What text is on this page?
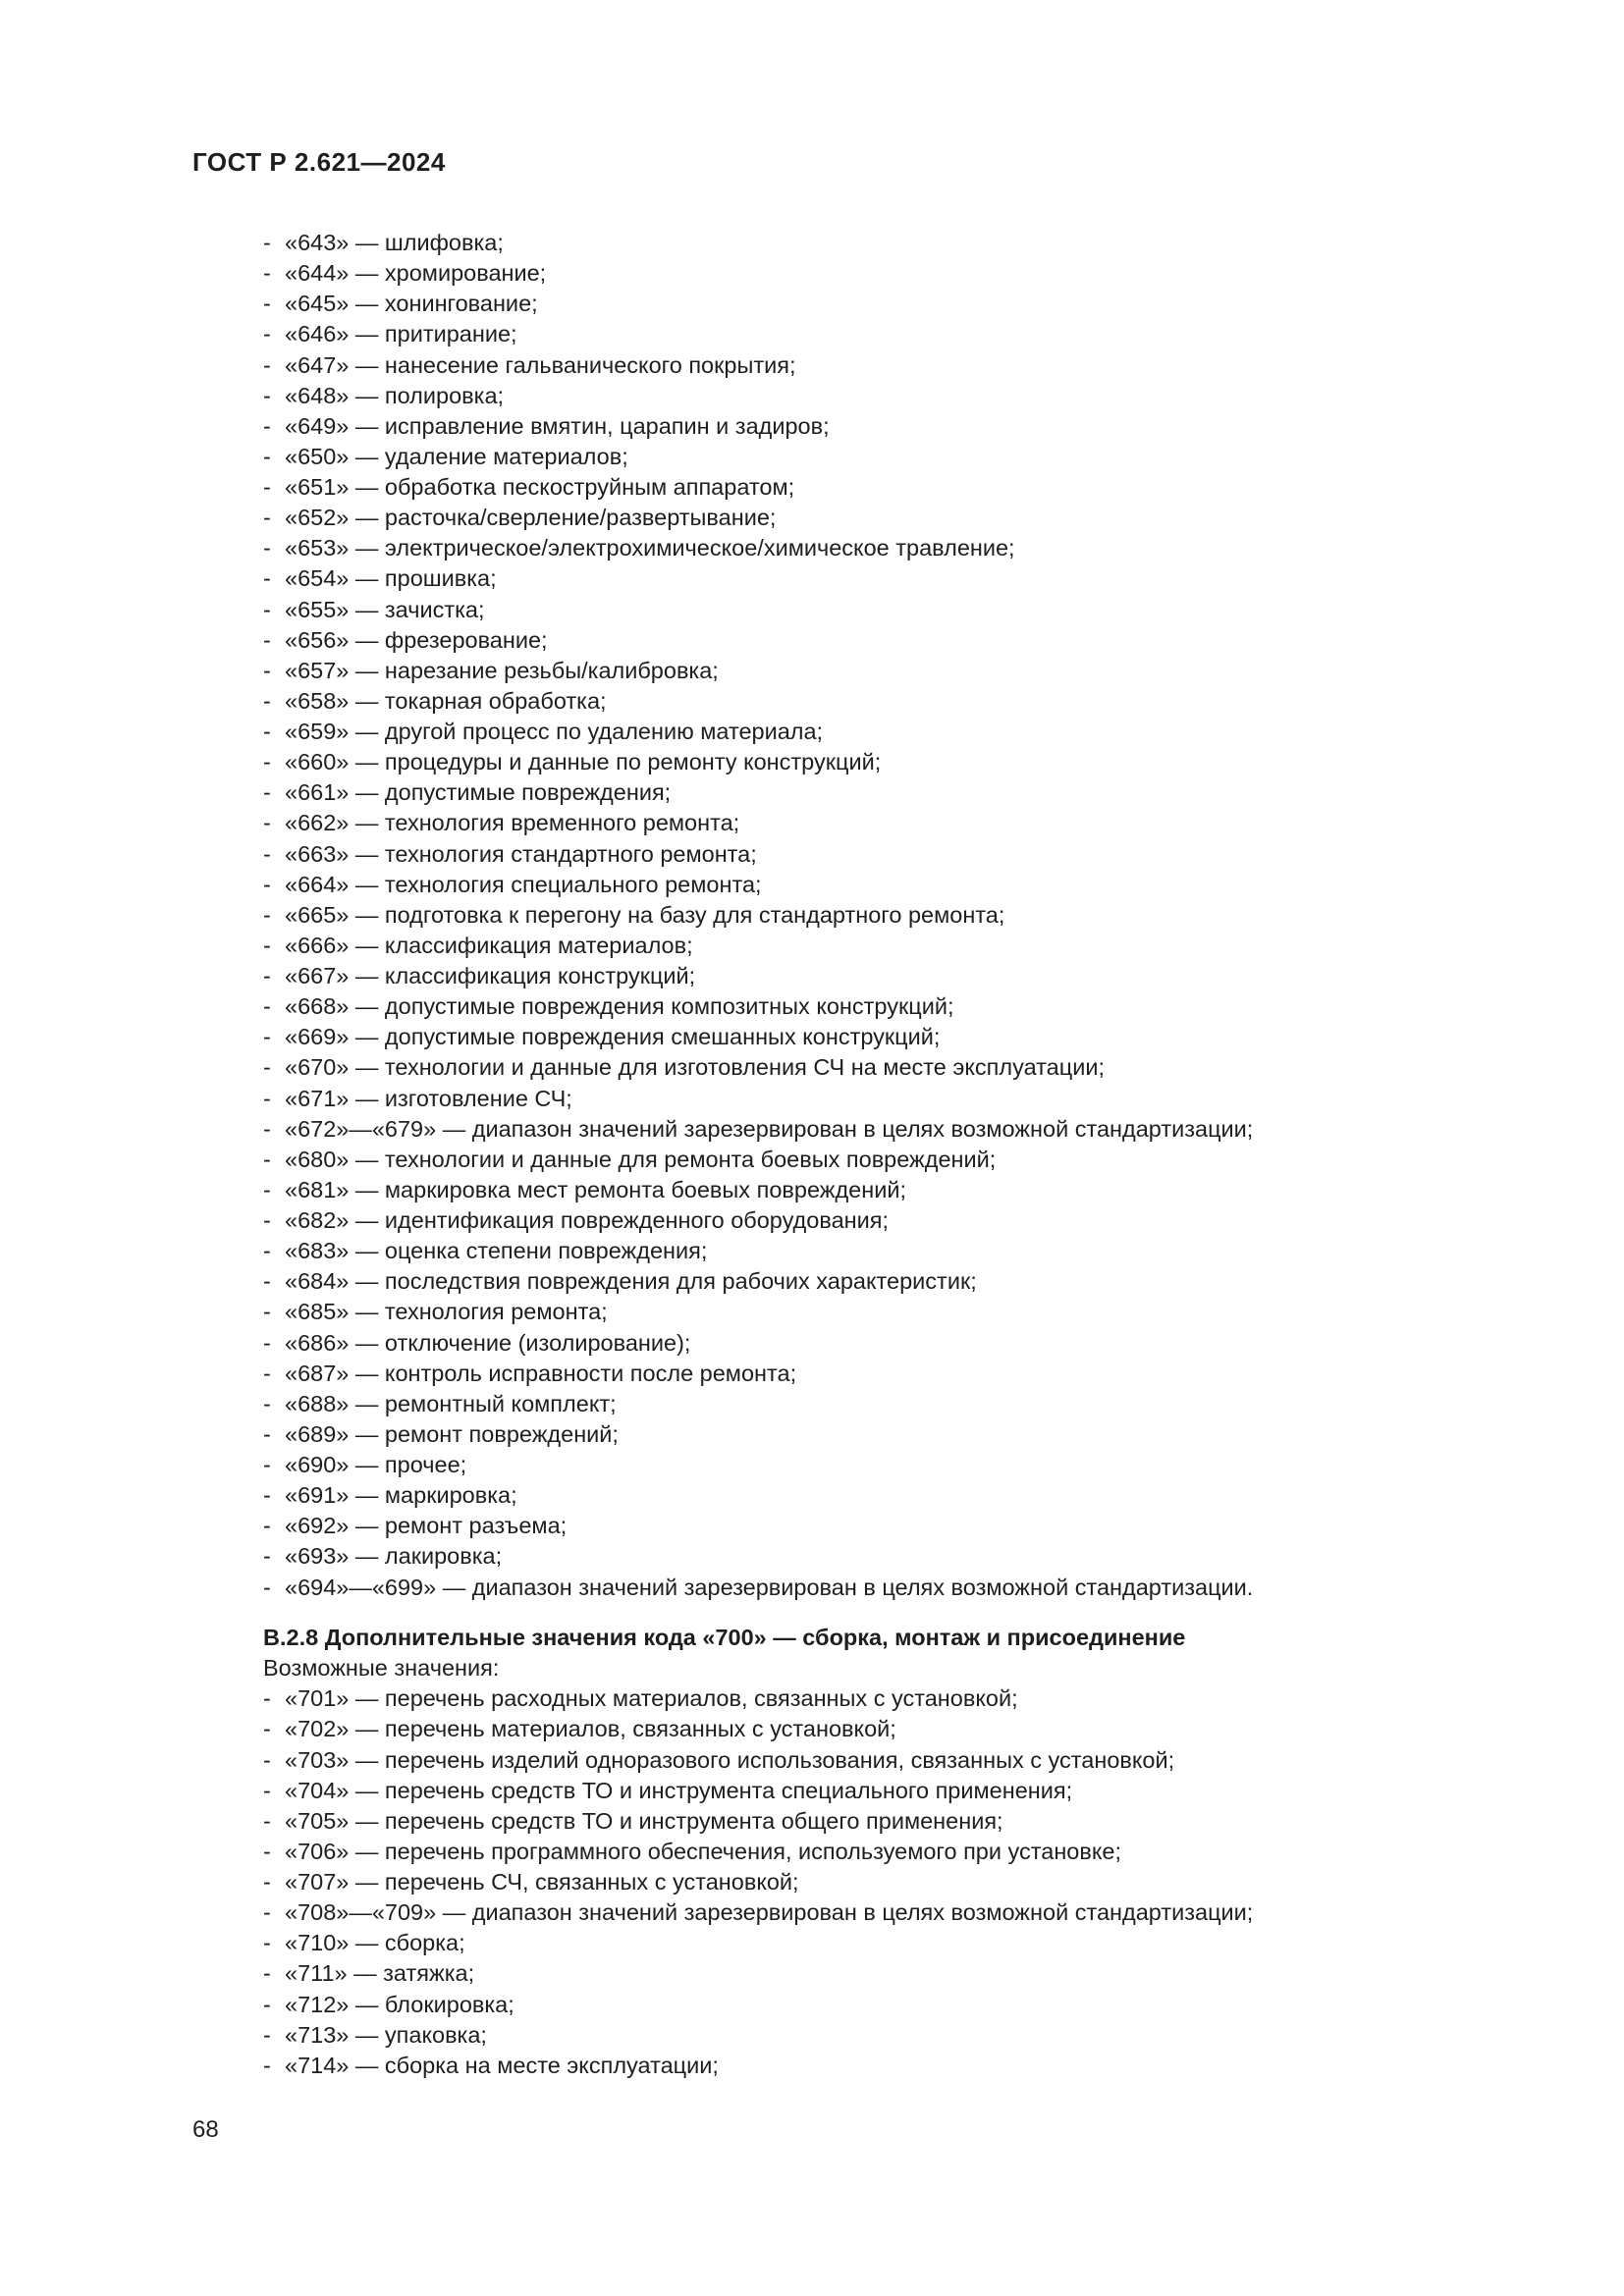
ГОСТ Р 2.621—2024
- «643» — шлифовка;
- «644» — хромирование;
- «645» — хонингование;
- «646» — притирание;
- «647» — нанесение гальванического покрытия;
- «648» — полировка;
- «649» — исправление вмятин, царапин и задиров;
- «650» — удаление материалов;
- «651» — обработка пескоструйным аппаратом;
- «652» — расточка/сверление/развертывание;
- «653» — электрическое/электрохимическое/химическое травление;
- «654» — прошивка;
- «655» — зачистка;
- «656» — фрезерование;
- «657» — нарезание резьбы/калибровка;
- «658» — токарная обработка;
- «659» — другой процесс по удалению материала;
- «660» — процедуры и данные по ремонту конструкций;
- «661» — допустимые повреждения;
- «662» — технология временного ремонта;
- «663» — технология стандартного ремонта;
- «664» — технология специального ремонта;
- «665» — подготовка к перегону на базу для стандартного ремонта;
- «666» — классификация материалов;
- «667» — классификация конструкций;
- «668» — допустимые повреждения композитных конструкций;
- «669» — допустимые повреждения смешанных конструкций;
- «670» — технологии и данные для изготовления СЧ на месте эксплуатации;
- «671» — изготовление СЧ;
- «672»—«679» — диапазон значений зарезервирован в целях возможной стандартизации;
- «680» — технологии и данные для ремонта боевых повреждений;
- «681» — маркировка мест ремонта боевых повреждений;
- «682» — идентификация поврежденного оборудования;
- «683» — оценка степени повреждения;
- «684» — последствия повреждения для рабочих характеристик;
- «685» — технология ремонта;
- «686» — отключение (изолирование);
- «687» — контроль исправности после ремонта;
- «688» — ремонтный комплект;
- «689» — ремонт повреждений;
- «690» — прочее;
- «691» — маркировка;
- «692» — ремонт разъема;
- «693» — лакировка;
- «694»—«699» — диапазон значений зарезервирован в целях возможной стандартизации.
В.2.8 Дополнительные значения кода «700» — сборка, монтаж и присоединение
Возможные значения:
- «701» — перечень расходных материалов, связанных с установкой;
- «702» — перечень материалов, связанных с установкой;
- «703» — перечень изделий одноразового использования, связанных с установкой;
- «704» — перечень средств ТО и инструмента специального применения;
- «705» — перечень средств ТО и инструмента общего применения;
- «706» — перечень программного обеспечения, используемого при установке;
- «707» — перечень СЧ, связанных с установкой;
- «708»—«709» — диапазон значений зарезервирован в целях возможной стандартизации;
- «710» — сборка;
- «711» — затяжка;
- «712» — блокировка;
- «713» — упаковка;
- «714» — сборка на месте эксплуатации;
68
